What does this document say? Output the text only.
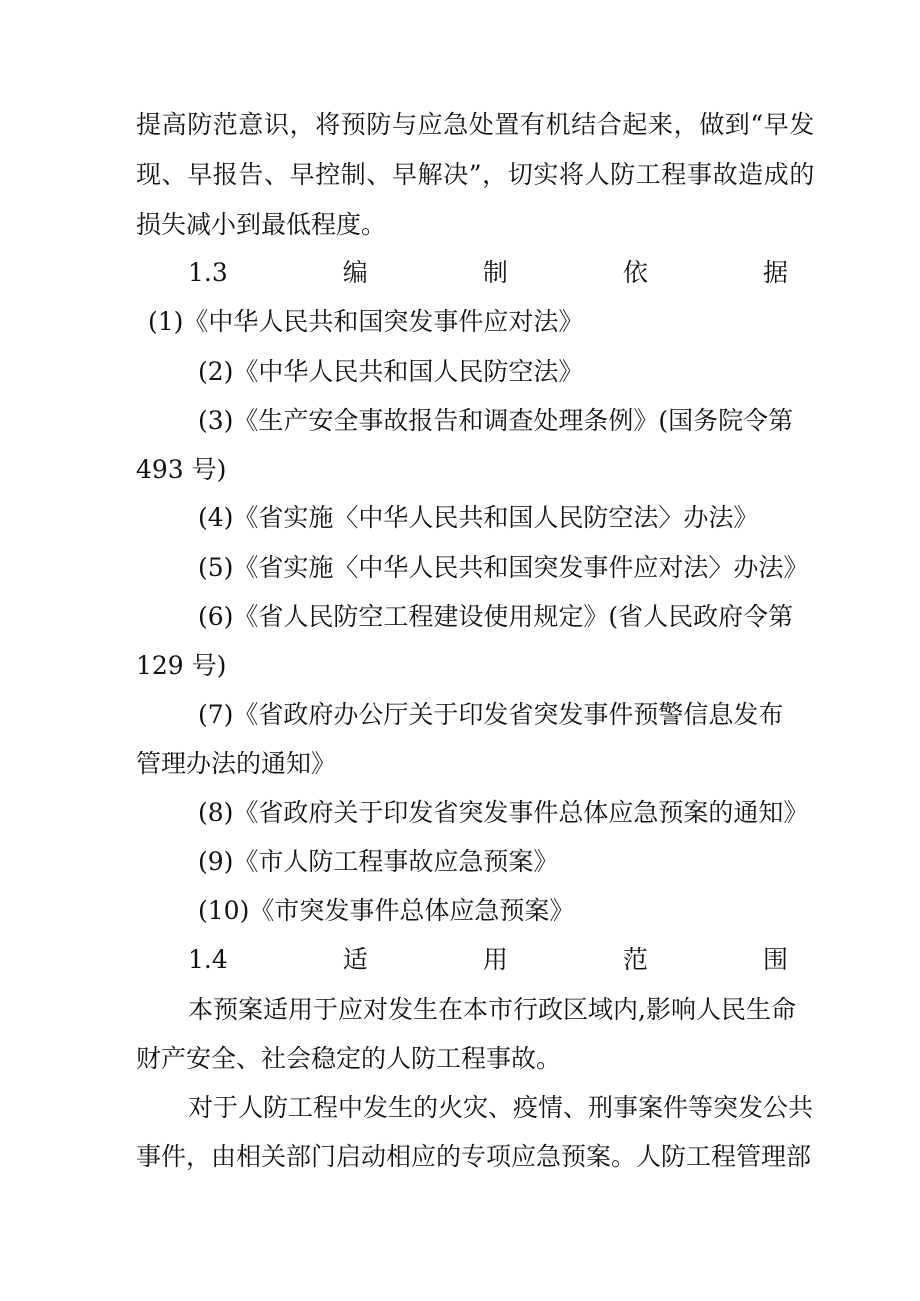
提高防范意识，将预防与应急处置有机结合起来，做到“早发
现、早报告、早控制、早解决”，切实将人防工程事故造成的
损失减小到最低程度。
1.3	编	制	依	据
(1)《中华人民共和国突发事件应对法》
(2)《中华人民共和国人民防空法》
(3)《生产安全事故报告和调查处理条例》(国务院令第
493 号)
(4)《省实施〈中华人民共和国人民防空法〉办法》
(5)《省实施〈中华人民共和国突发事件应对法〉办法》
(6)《省人民防空工程建设使用规定》(省人民政府令第
129 号)
(7)《省政府办公厅关于印发省突发事件预警信息发布
管理办法的通知》
(8)《省政府关于印发省突发事件总体应急预案的通知》
(9)《市人防工程事故应急预案》
(10)《市突发事件总体应急预案》
1.4	适	用	范	围
本预案适用于应对发生在本市行政区域内,影响人民生命
财产安全、社会稳定的人防工程事故。
对于人防工程中发生的火灾、疫情、刑事案件等突发公共
事件，由相关部门启动相应的专项应急预案。人防工程管理部
